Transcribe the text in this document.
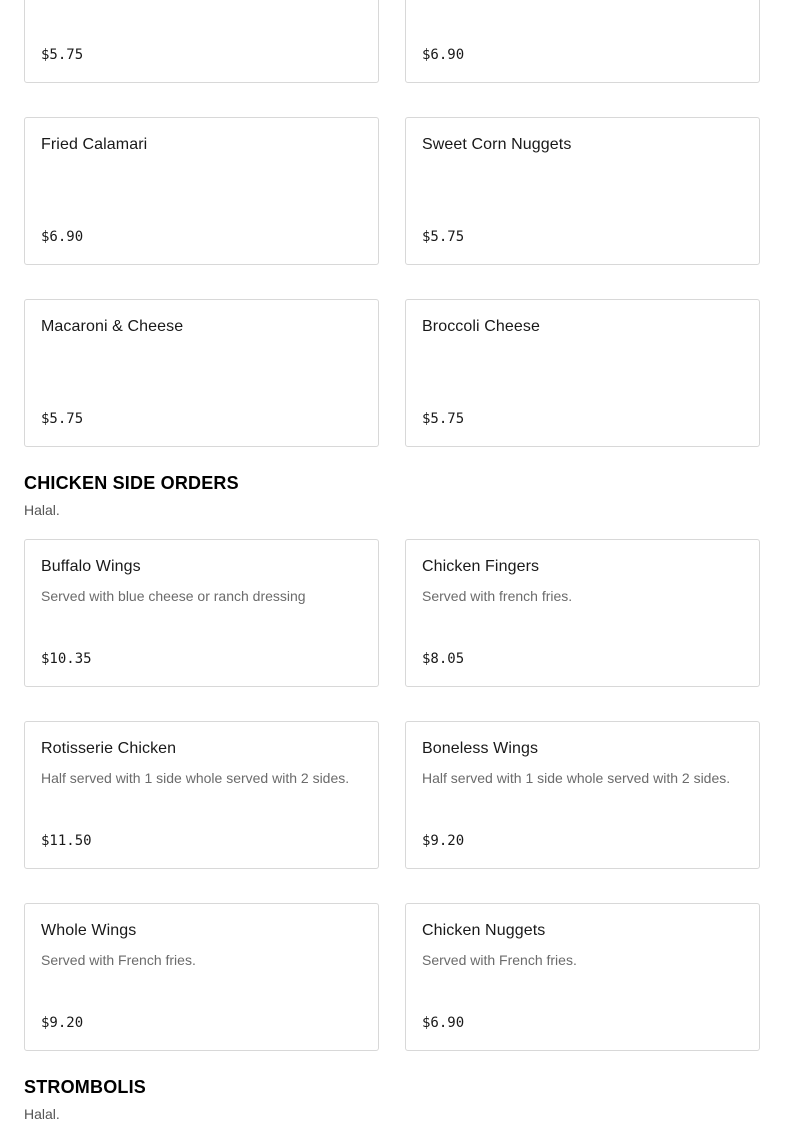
$5.75	$6.90
Fried Calamari
$6.90
Sweet Corn Nuggets
$5.75
Macaroni & Cheese
$5.75
Broccoli Cheese
$5.75
CHICKEN SIDE ORDERS
Halal.
Buffalo Wings
Served with blue cheese or ranch dressing
$10.35
Chicken Fingers
Served with french fries.
$8.05
Rotisserie Chicken
Half served with 1 side whole served with 2 sides.
$11.50
Boneless Wings
Half served with 1 side whole served with 2 sides.
$9.20
Whole Wings
Served with French fries.
$9.20
Chicken Nuggets
Served with French fries.
$6.90
STROMBOLIS
Halal.
